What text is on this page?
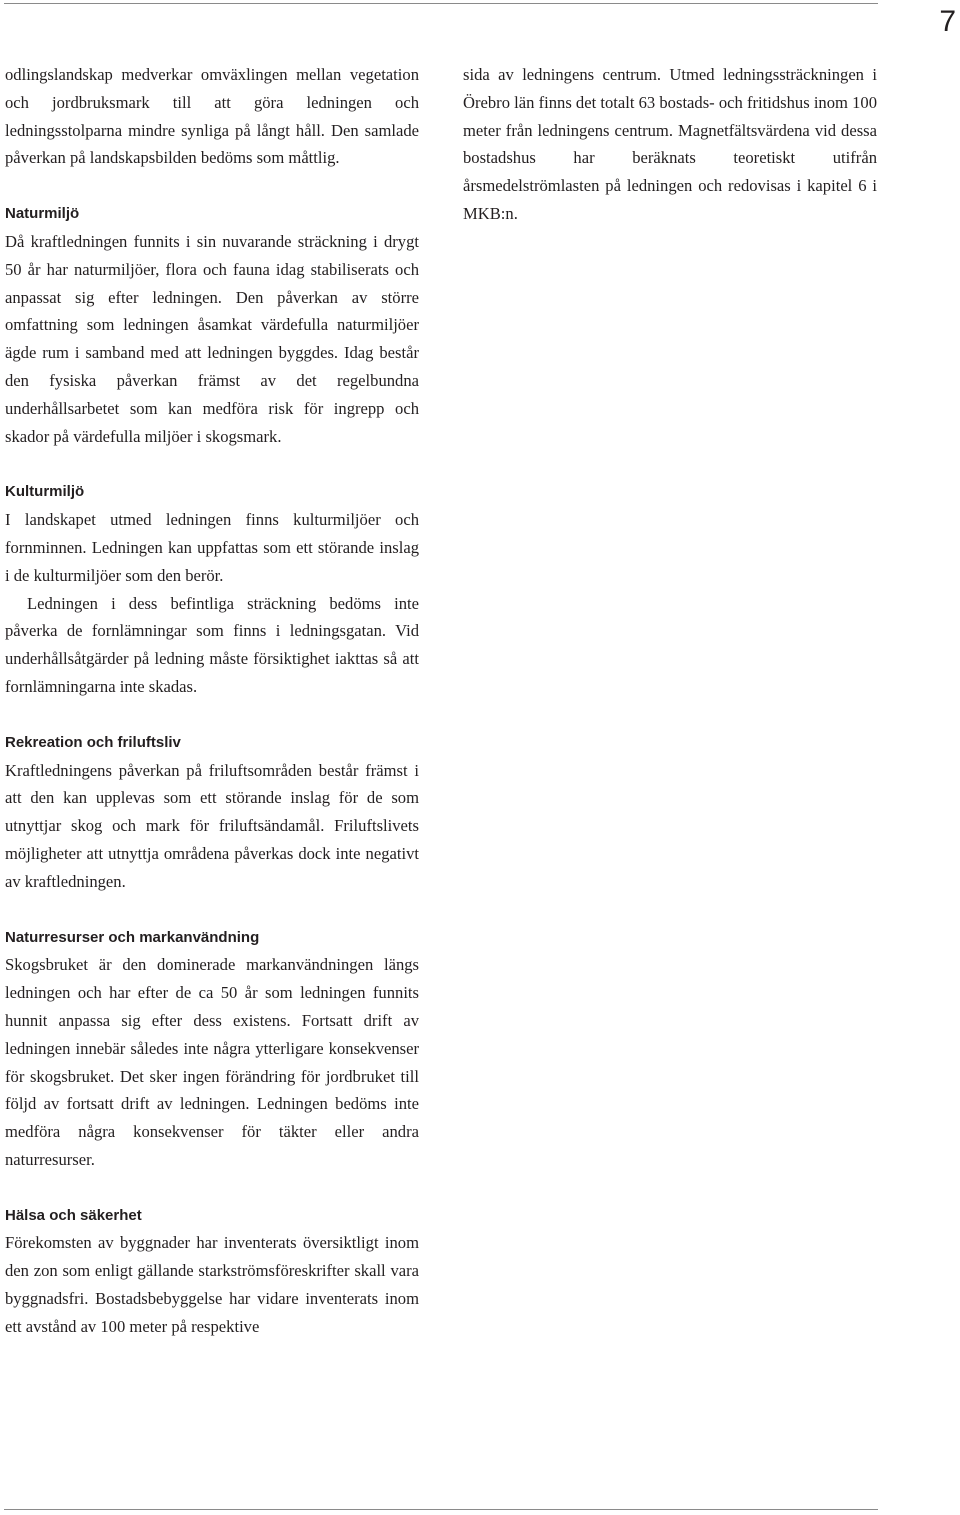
7

odlingslandskap medverkar omväxlingen mellan vegetation och jordbruksmark till att göra ledningen och ledningsstolparna mindre synliga på långt håll. Den samlade påverkan på landskapsbilden bedöms som måttlig.

Naturmiljö

Då kraftledningen funnits i sin nuvarande sträckning i drygt 50 år har naturmiljöer, flora och fauna idag stabiliserats och anpassat sig efter ledningen. Den påverkan av större omfattning som ledningen åsamkat värdefulla naturmiljöer ägde rum i samband med att ledningen byggdes. Idag består den fysiska påverkan främst av det regelbundna underhållsarbetet som kan medföra risk för ingrepp och skador på värdefulla miljöer i skogsmark.

Kulturmiljö

I landskapet utmed ledningen finns kulturmiljöer och fornminnen. Ledningen kan uppfattas som ett störande inslag i de kulturmiljöer som den berör.

Ledningen i dess befintliga sträckning bedöms inte påverka de fornlämningar som finns i ledningsgatan. Vid underhållsåtgärder på ledning måste försiktighet iakttas så att fornlämningarna inte skadas.

Rekreation och friluftsliv

Kraftledningens påverkan på friluftsområden består främst i att den kan upplevas som ett störande inslag för de som utnyttjar skog och mark för friluftsändamål. Friluftslivets möjligheter att utnyttja områdena påverkas dock inte negativt av kraftledningen.

Naturresurser och markanvändning

Skogsbruket är den dominerade markanvändningen längs ledningen och har efter de ca 50 år som ledningen funnits hunnit anpassa sig efter dess existens. Fortsatt drift av ledningen innebär således inte några ytterligare konsekvenser för skogsbruket. Det sker ingen förändring för jordbruket till följd av fortsatt drift av ledningen. Ledningen bedöms inte medföra några konsekvenser för täkter eller andra naturresurser.

Hälsa och säkerhet

Förekomsten av byggnader har inventerats översiktligt inom den zon som enligt gällande starkströmsföreskrifter skall vara byggnadsfri. Bostadsbebyggelse har vidare inventerats inom ett avstånd av 100 meter på respektive

sida av ledningens centrum. Utmed ledningssträckningen i Örebro län finns det totalt 63 bostads- och fritidshus inom 100 meter från ledningens centrum. Magnetfältsvärdena vid dessa bostadshus har beräknats teoretiskt utifrån årsmedelströmlasten på ledningen och redovisas i kapitel 6 i MKB:n.
